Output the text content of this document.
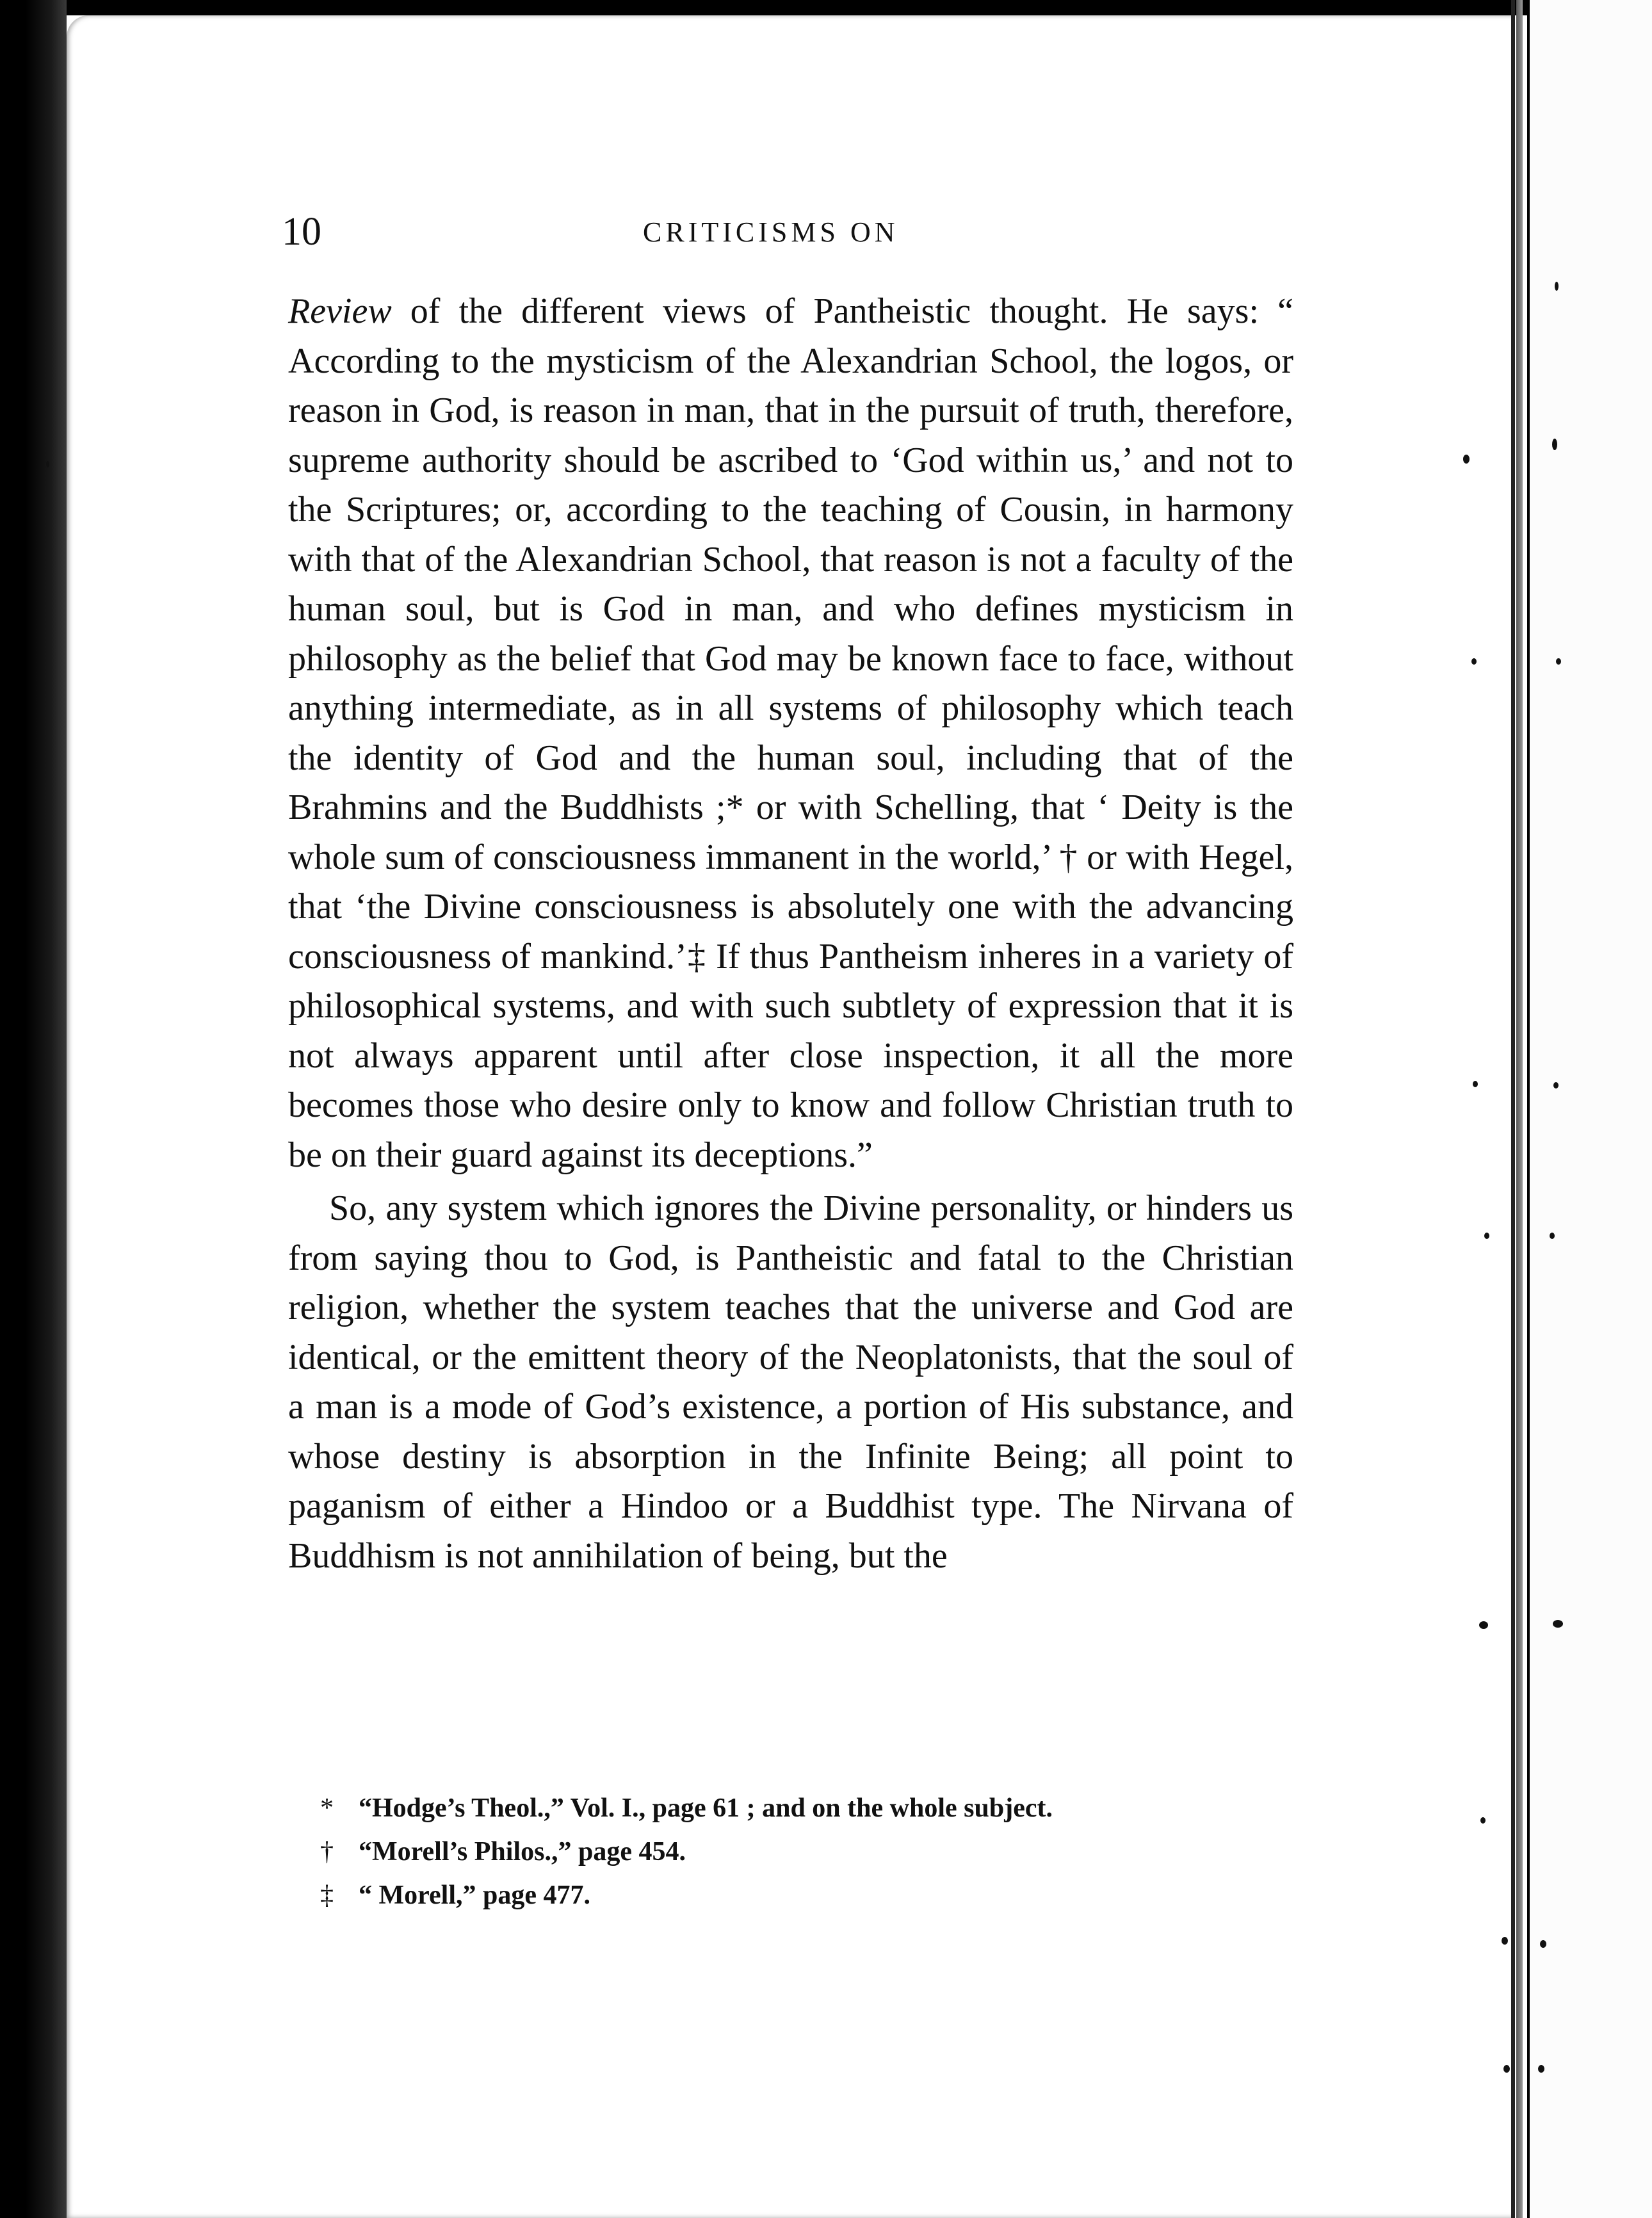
10	CRITICISMS ON

Review of the different views of Pantheistic thought. He says: “ According to the mysticism of the Alexandrian School, the logos, or reason in God, is reason in man, that in the pursuit of truth, therefore, supreme authority should be ascribed to ‘God within us,’ and not to the Scriptures; or, according to the teaching of Cousin, in harmony with that of the Alexandrian School, that reason is not a faculty of the human soul, but is God in man, and who defines mysticism in philosophy as the belief that God may be known face to face, without anything intermediate, as in all systems of philosophy which teach the identity of God and the human soul, including that of the Brahmins and the Buddhists ;* or with Schelling, that ‘ Deity is the whole sum of consciousness immanent in the world,’ † or with Hegel, that ‘the Divine consciousness is absolutely one with the advancing consciousness of mankind.’‡ If thus Pantheism inheres in a variety of philosophical systems, and with such subtlety of expression that it is not always apparent until after close inspection, it all the more becomes those who desire only to know and follow Christian truth to be on their guard against its deceptions.”

So, any system which ignores the Divine personality, or hinders us from saying thou to God, is Pantheistic and fatal to the Christian religion, whether the system teaches that the universe and God are identical, or the emittent theory of the Neoplatonists, that the soul of a man is a mode of God’s existence, a portion of His substance, and whose destiny is absorption in the Infinite Being; all point to paganism of either a Hindoo or a Buddhist type. The Nirvana of Buddhism is not annihilation of being, but the

* “Hodge’s Theol.,” Vol. I., page 61 ; and on the whole subject.
† “Morell’s Philos.,” page 454.
‡ “ Morell,” page 477.
